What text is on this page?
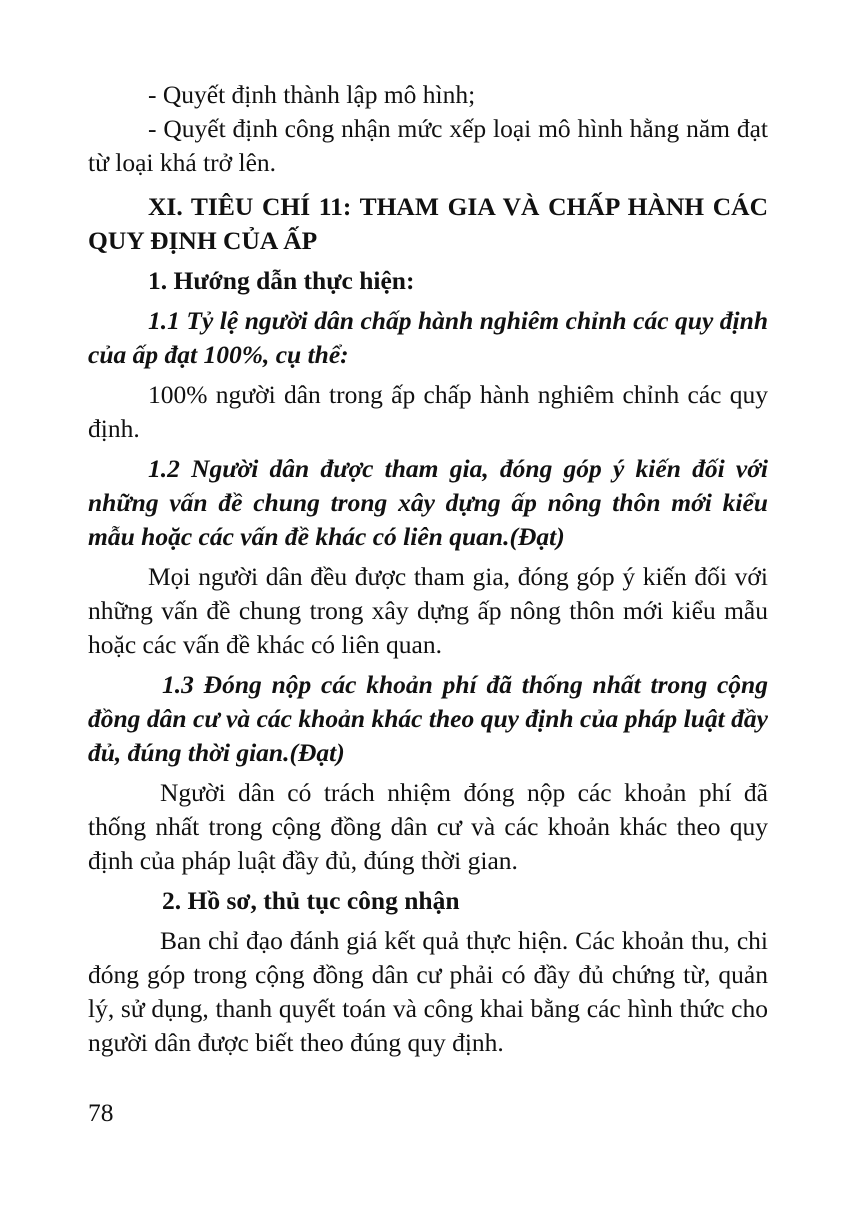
- Quyết định thành lập mô hình;

- Quyết định công nhận mức xếp loại mô hình hằng năm đạt từ loại khá trở lên.

XI. TIÊU CHÍ 11: THAM GIA VÀ CHẤP HÀNH CÁC QUY ĐỊNH CỦA ẤP

1. Hướng dẫn thực hiện:

1.1 Tỷ lệ người dân chấp hành nghiêm chỉnh các quy định của ấp đạt 100%, cụ thể:

100% người dân trong ấp chấp hành nghiêm chỉnh các quy định.

1.2 Người dân được tham gia, đóng góp ý kiến đối với những vấn đề chung trong xây dựng ấp nông thôn mới kiểu mẫu hoặc các vấn đề khác có liên quan.(Đạt)

Mọi người dân đều được tham gia, đóng góp ý kiến đối với những vấn đề chung trong xây dựng ấp nông thôn mới kiểu mẫu hoặc các vấn đề khác có liên quan.

1.3 Đóng nộp các khoản phí đã thống nhất trong cộng đồng dân cư và các khoản khác theo quy định của pháp luật đầy đủ, đúng thời gian.(Đạt)

Người dân có trách nhiệm đóng nộp các khoản phí đã thống nhất trong cộng đồng dân cư và các khoản khác theo quy định của pháp luật đầy đủ, đúng thời gian.

2. Hồ sơ, thủ tục công nhận

Ban chỉ đạo đánh giá kết quả thực hiện. Các khoản thu, chi đóng góp trong cộng đồng dân cư phải có đầy đủ chứng từ, quản lý, sử dụng, thanh quyết toán và công khai bằng các hình thức cho người dân được biết theo đúng quy định.

78
